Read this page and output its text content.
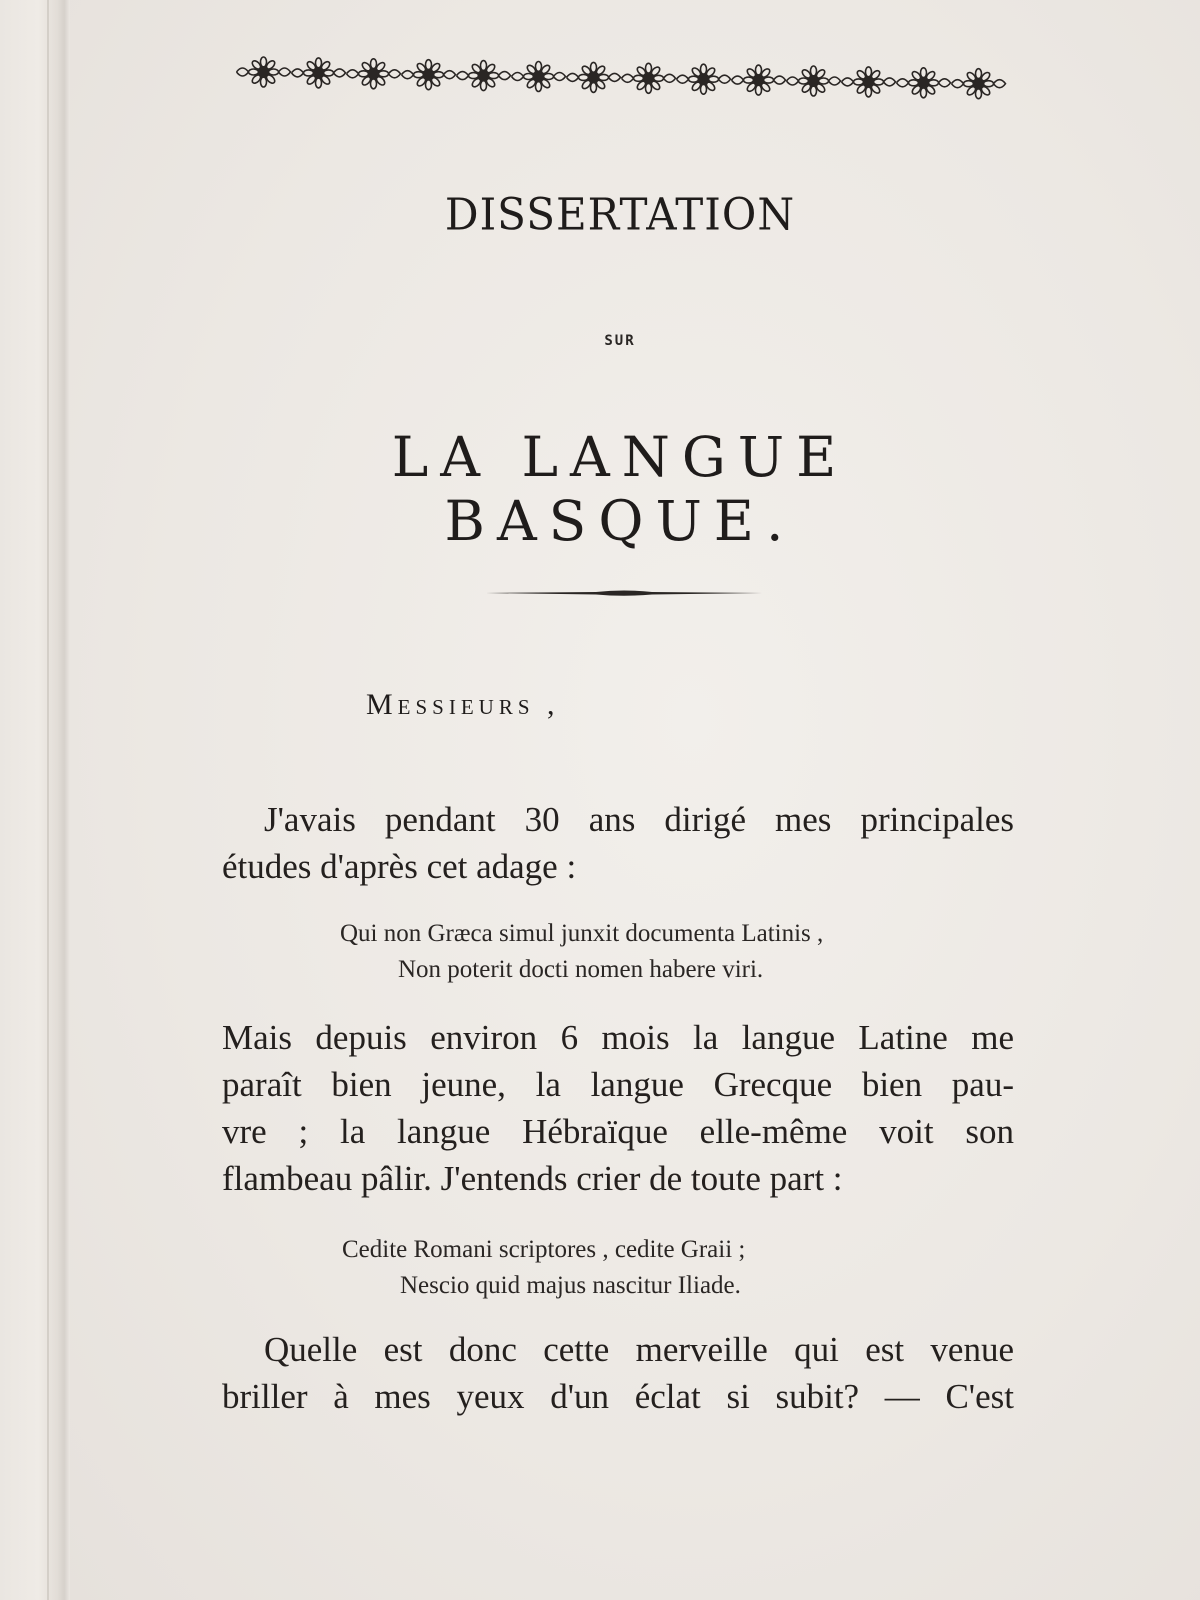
DISSERTATION
SUR
LA LANGUE BASQUE.
Messieurs ,
J'avais pendant 30 ans dirigé mes principales
études d'après cet adage :
Qui non Græca simul junxit documenta Latinis ,
Non poterit docti nomen habere viri.
Mais depuis environ 6 mois la langue Latine me
paraît bien jeune, la langue Grecque bien pau-
vre ; la langue Hébraïque elle-même voit son
flambeau pâlir. J'entends crier de toute part :
Cedite Romani scriptores , cedite Graii ;
Nescio quid majus nascitur Iliade.
Quelle est donc cette merveille qui est venue
briller à mes yeux d'un éclat si subit? — C'est
